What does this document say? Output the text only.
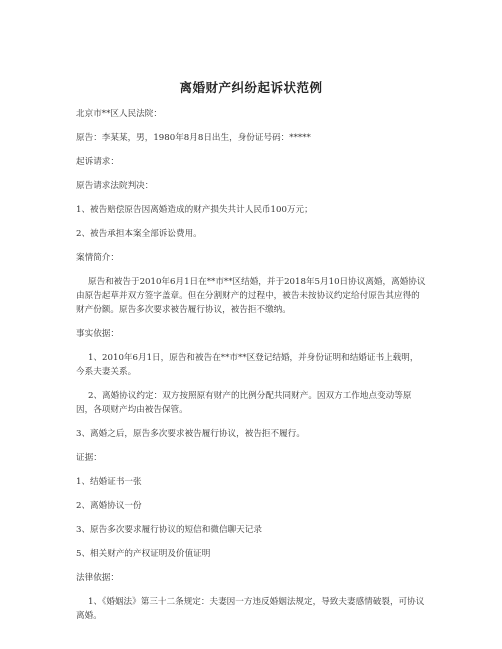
离婚财产纠纷起诉状范例

北京市**区人民法院：

原告：李某某，男，1980年8月8日出生，身份证号码：*****

起诉请求：

原告请求法院判决：

1、被告赔偿原告因离婚造成的财产损失共计人民币100万元；

2、被告承担本案全部诉讼费用。

案情简介：

原告和被告于2010年6月1日在**市**区结婚，并于2018年5月10日协议离婚，离婚协议由原告起草并双方签字盖章。但在分割财产的过程中，被告未按协议约定给付原告其应得的财产份额。原告多次要求被告履行协议，被告拒不缴纳。

事实依据：

1、2010年6月1日，原告和被告在**市**区登记结婚，并身份证明和结婚证书上载明，今系夫妻关系。

2、离婚协议约定：双方按照原有财产的比例分配共同财产。因双方工作地点变动等原因，各项财产均由被告保管。

3、离婚之后，原告多次要求被告履行协议，被告拒不履行。

证据：

1、结婚证书一张

2、离婚协议一份

3、原告多次要求履行协议的短信和微信聊天记录

5、相关财产的产权证明及价值证明

法律依据：

1、《婚姻法》第三十二条规定：夫妻因一方违反婚姻法规定，导致夫妻感情破裂，可协议离婚。
